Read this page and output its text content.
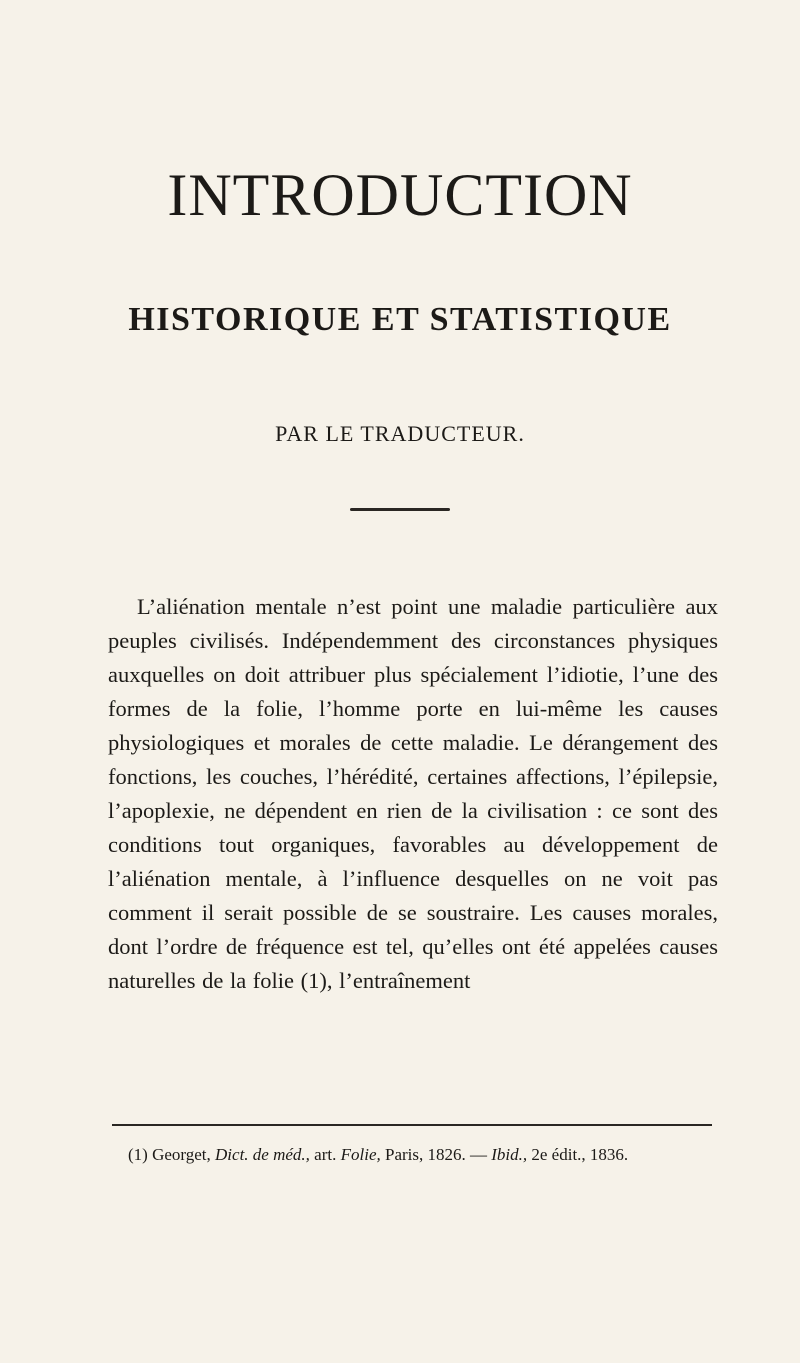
INTRODUCTION
HISTORIQUE ET STATISTIQUE

PAR LE TRADUCTEUR.

L’aliénation mentale n’est point une maladie particulière aux peuples civilisés. Indépendemment des circonstances physiques auxquelles on doit attribuer plus spécialement l’idiotie, l’une des formes de la folie, l’homme porte en lui-même les causes physiologiques et morales de cette maladie. Le dérangement des fonctions, les couches, l’hérédité, certaines affections, l’épilepsie, l’apoplexie, ne dépendent en rien de la civilisation : ce sont des conditions tout organiques, favorables au développement de l’aliénation mentale, à l’influence desquelles on ne voit pas comment il serait possible de se soustraire. Les causes morales, dont l’ordre de fréquence est tel, qu’elles ont été appelées causes naturelles de la folie (1), l’entraînement

(1) Georget, Dict. de méd., art. Folie, Paris, 1826. — Ibid., 2e édit., 1836.
